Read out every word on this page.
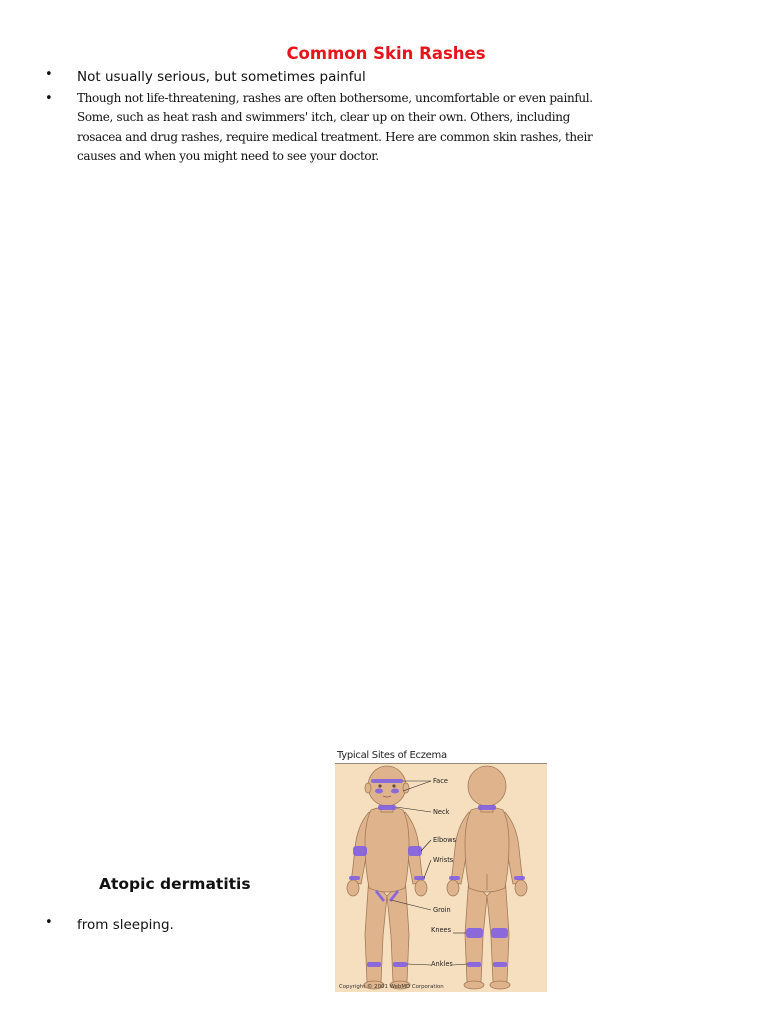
Common Skin Rashes
• Not usually serious, but sometimes painful
• Though not life-threatening, rashes are often bothersome, uncomfortable or even painful. Some, such as heat rash and swimmers' itch, clear up on their own. Others, including rosacea and drug rashes, require medical treatment. Here are common skin rashes, their causes and when you might need to see your doctor.
Atopic dermatitis
• from sleeping.
Typical Sites of Eczema
Face
Neck
Elbows
Wrists
Groin
Knees
Ankles
Copyright © 2001 WebMD Corporation
